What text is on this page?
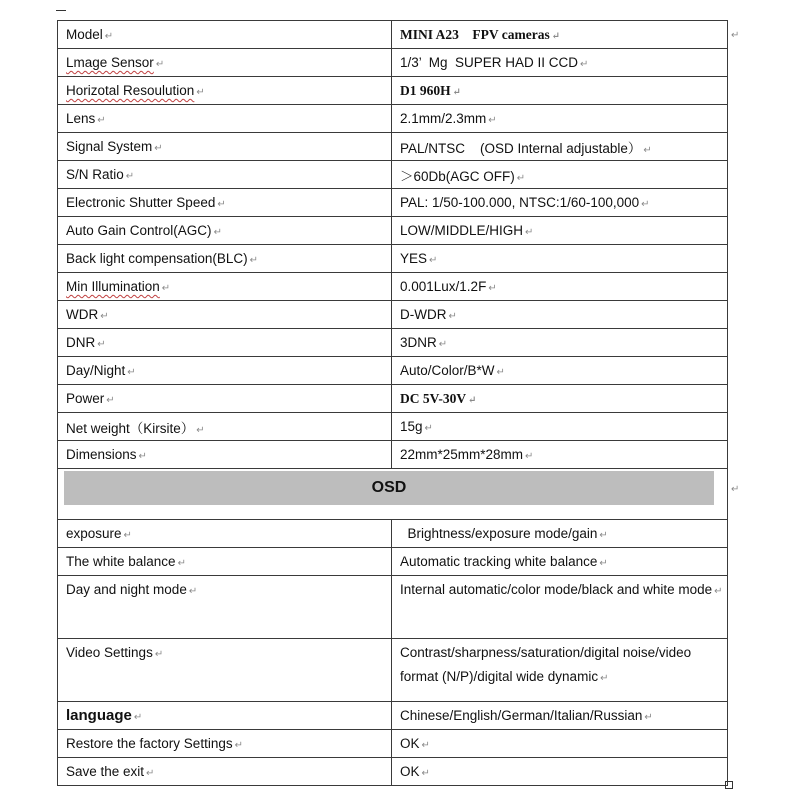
Model ↵	MINI A23    FPV cameras ↵
Lmage Sensor ↵	1/3’  Mg  SUPER HAD II CCD ↵
Horizotal Resoulution ↵	D1 960H ↵
Lens ↵	2.1mm/2.3mm ↵
Signal System ↵	PAL/NTSC    (OSD Internal adjustable） ↵
S/N Ratio ↵	＞60Db(AGC OFF) ↵
Electronic Shutter Speed ↵	PAL: 1/50-100.000, NTSC:1/60-100,000 ↵
Auto Gain Control(AGC) ↵	LOW/MIDDLE/HIGH ↵
Back light compensation(BLC) ↵	YES ↵
Min Illumination ↵	0.001Lux/1.2F ↵
WDR ↵	D-WDR ↵
DNR ↵	3DNR ↵
Day/Night ↵	Auto/Color/B*W ↵
Power ↵	DC 5V-30V ↵
Net weight（Kirsite） ↵	15g ↵
Dimensions ↵	22mm*25mm*28mm ↵

OSD	

exposure ↵	Brightness/exposure mode/gain ↵
The white balance ↵	Automatic tracking white balance ↵
Day and night mode ↵	Internal automatic/color mode/black and white mode ↵
Video Settings ↵	Contrast/sharpness/saturation/digital noise/video format (N/P)/digital wide dynamic ↵
language ↵	Chinese/English/German/Italian/Russian ↵
Restore the factory Settings ↵	OK ↵
Save the exit ↵	OK ↵
↵
↵
